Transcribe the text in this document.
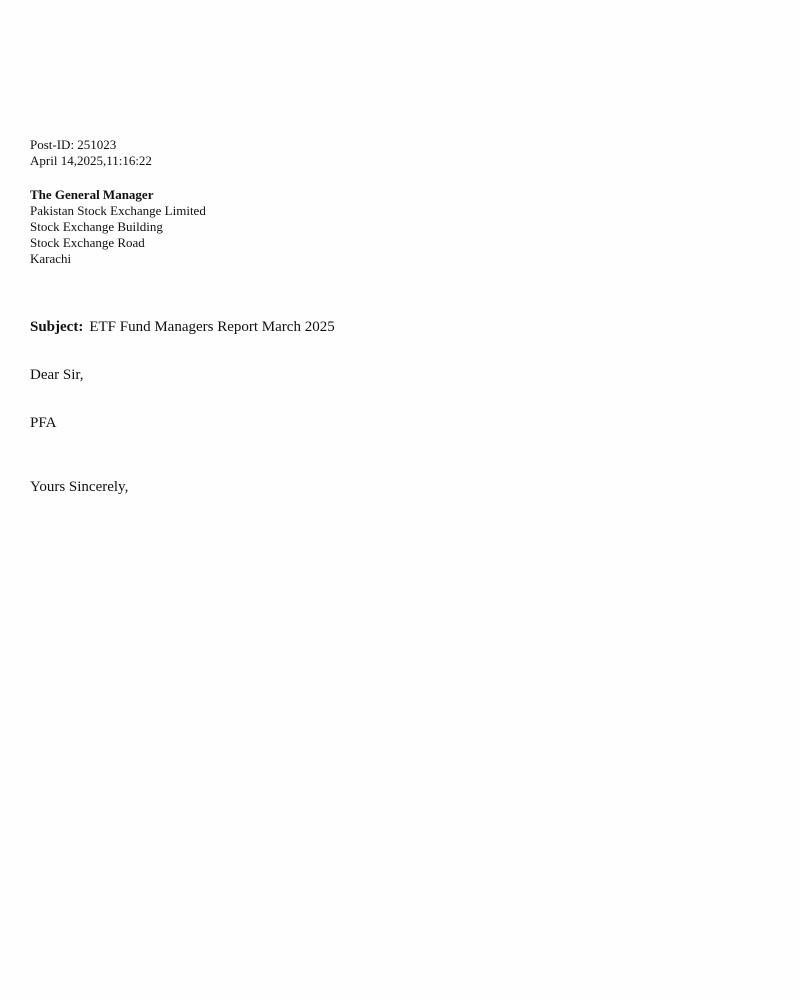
Post-ID: 251023
April 14,2025,11:16:22
The General Manager
Pakistan Stock Exchange Limited
Stock Exchange Building
Stock Exchange Road
Karachi
Subject: ETF Fund Managers Report March 2025
Dear Sir,
PFA
Yours Sincerely,
